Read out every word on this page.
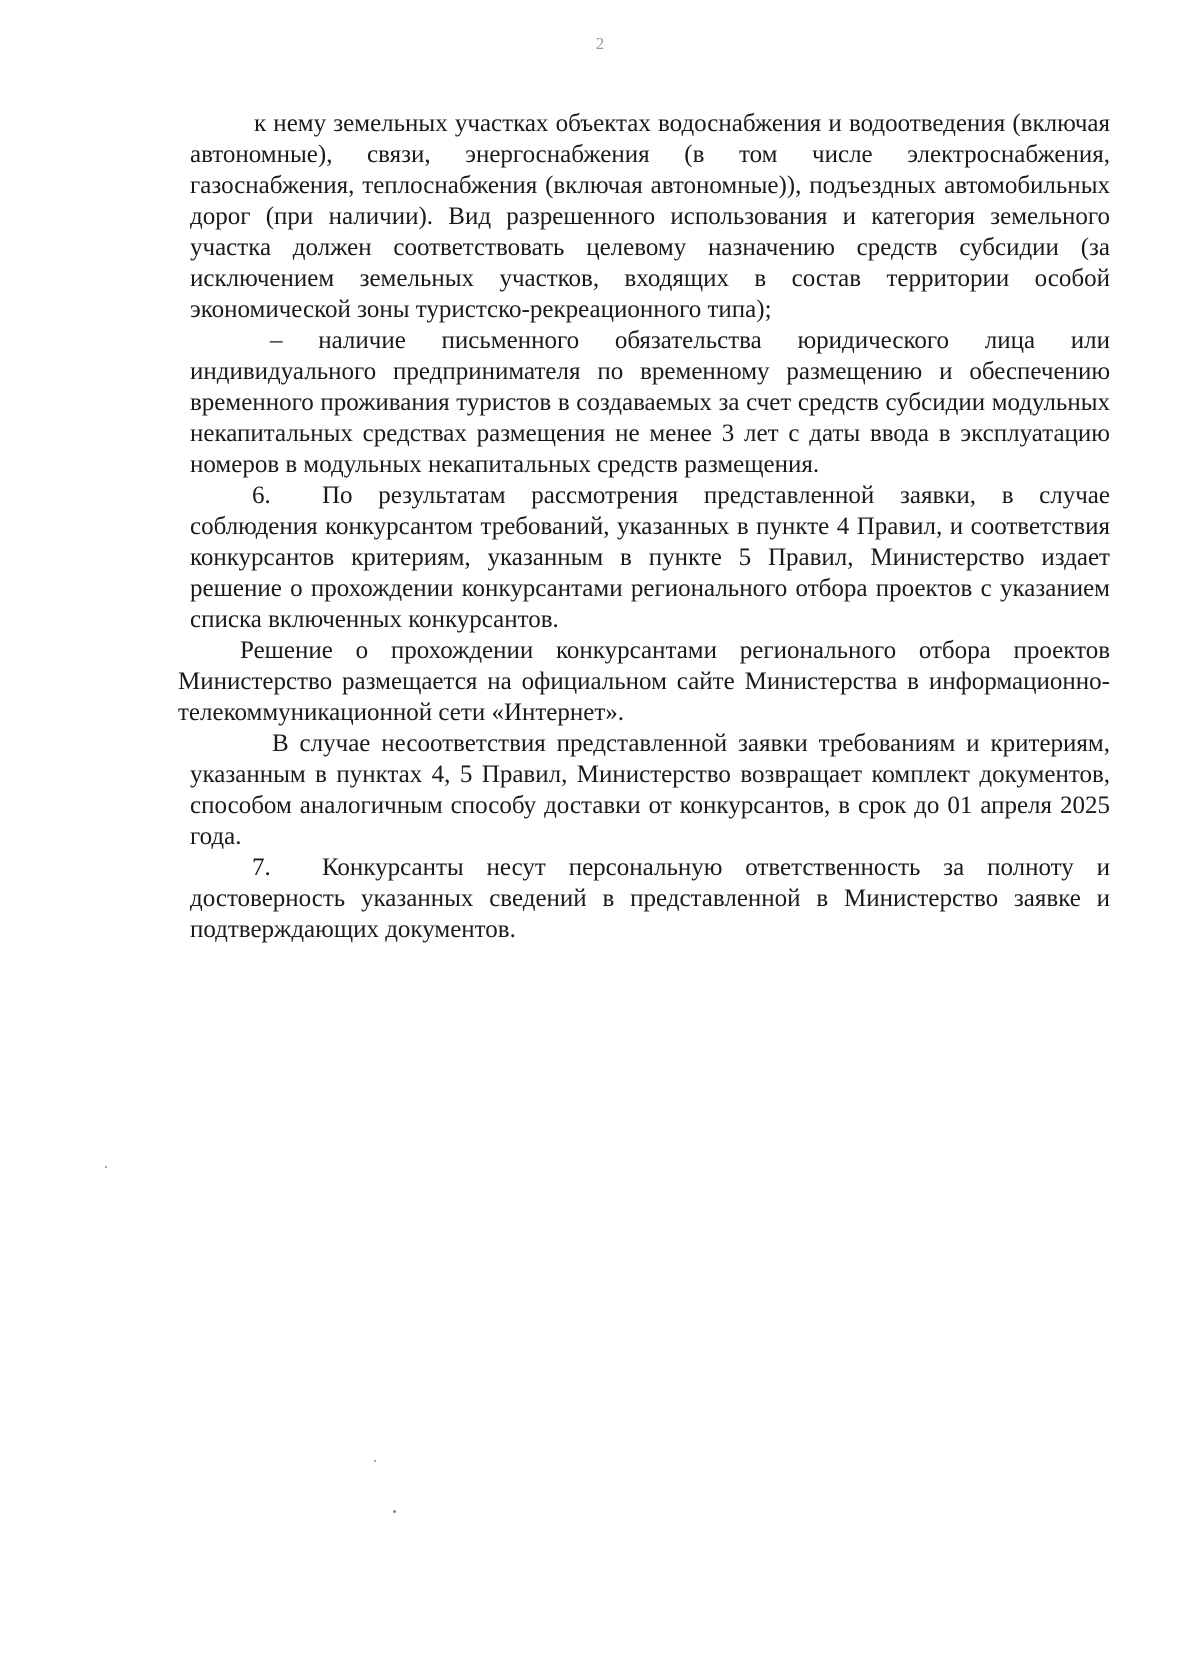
2

к нему земельных участках объектах водоснабжения и водоотведения (включая автономные), связи, энергоснабжения (в том числе электроснабжения, газоснабжения, теплоснабжения (включая автономные)), подъездных автомобильных дорог (при наличии). Вид разрешенного использования и категория земельного участка должен соответствовать целевому назначению средств субсидии (за исключением земельных участков, входящих в состав территории особой экономической зоны туристско-рекреационного типа);

– наличие письменного обязательства юридического лица или индивидуального предпринимателя по временному размещению и обеспечению временного проживания туристов в создаваемых за счет средств субсидии модульных некапитальных средствах размещения не менее 3 лет с даты ввода в эксплуатацию номеров в модульных некапитальных средств размещения.

6. По результатам рассмотрения представленной заявки, в случае соблюдения конкурсантом требований, указанных в пункте 4 Правил, и соответствия конкурсантов критериям, указанным в пункте 5 Правил, Министерство издает решение о прохождении конкурсантами регионального отбора проектов с указанием списка включенных конкурсантов.

Решение о прохождении конкурсантами регионального отбора проектов Министерство размещается на официальном сайте Министерства в информационно-телекоммуникационной сети «Интернет».

В случае несоответствия представленной заявки требованиям и критериям, указанным в пунктах 4, 5 Правил, Министерство возвращает комплект документов, способом аналогичным способу доставки от конкурсантов, в срок до 01 апреля 2025 года.

7. Конкурсанты несут персональную ответственность за полноту и достоверность указанных сведений в представленной в Министерство заявке и подтверждающих документов.
